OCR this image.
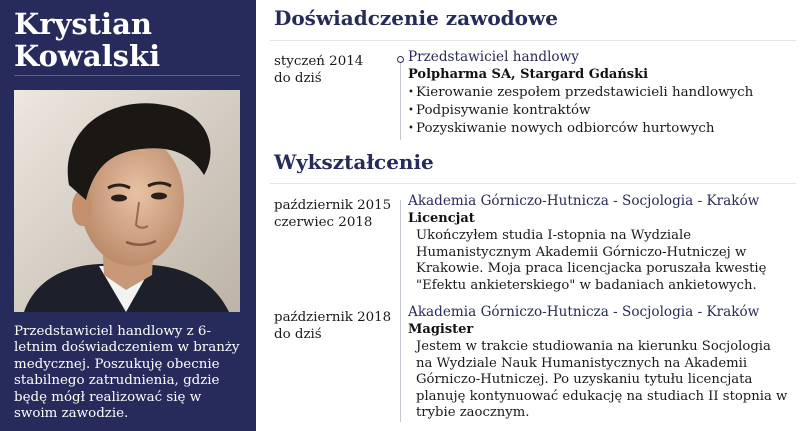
Krystian
Kowalski
Przedstawiciel handlowy z 6-letnim doświadczeniem w branży medycznej. Poszukuję obecnie stabilnego zatrudnienia, gdzie będę mógł realizować się w swoim zawodzie.
Doświadczenie zawodowe
styczeń 2014
do dziś
Przedstawiciel handlowy
Polpharma SA, Stargard Gdański
• Kierowanie zespołem przedstawicieli handlowych
• Podpisywanie kontraktów
• Pozyskiwanie nowych odbiorców hurtowych
Wykształcenie
październik 2015
czerwiec 2018
Akademia Górniczo-Hutnicza - Socjologia - Kraków
Licencjat
Ukończyłem studia I-stopnia na Wydziale Humanistycznym Akademii Górniczo-Hutniczej w Krakowie. Moja praca licencjacka poruszała kwestię "Efektu ankieterskiego" w badaniach ankietowych.
październik 2018
do dziś
Akademia Górniczo-Hutnicza - Socjologia - Kraków
Magister
Jestem w trakcie studiowania na kierunku Socjologia na Wydziale Nauk Humanistycznych na Akademii Górniczo-Hutniczej. Po uzyskaniu tytułu licencjata planuję kontynuować edukację na studiach II stopnia w trybie zaocznym.
